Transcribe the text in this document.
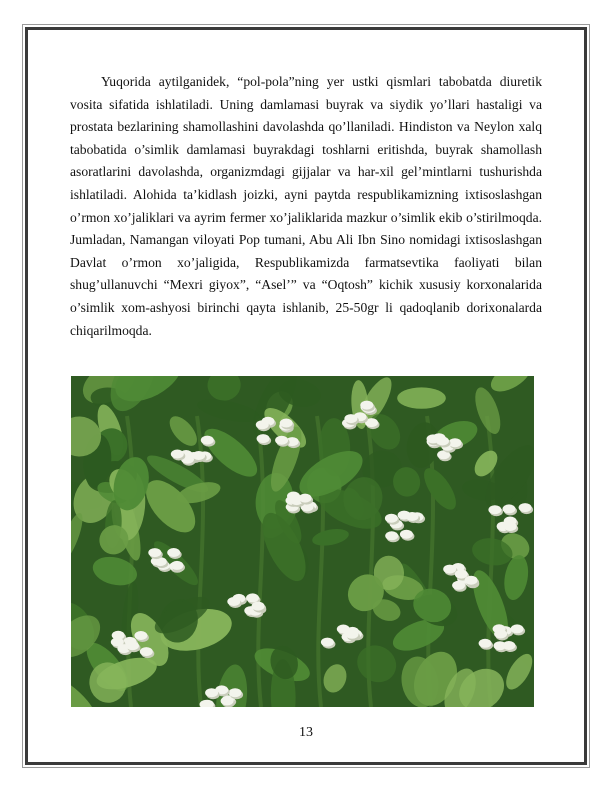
Yuqorida aytilganidek, “pol-pola”ning yer ustki qismlari tabobatda diuretik vosita sifatida ishlatiladi. Uning damlamasi buyrak va siydik yo’llari hastaligi va prostata bezlarining shamollashini davolashda qo’llaniladi. Hindiston va Neylon xalq tabobatida o’simlik damlamasi buyrakdagi toshlarni eritishda, buyrak shamollash asoratlarini davolashda, organizmdagi gijjalar va har-xil gel’mintlarni tushurishda ishlatiladi. Alohida ta’kidlash joizki, ayni paytda respublikamizning ixtisoslashgan o’rmon xo’jaliklari va ayrim fermer xo’jaliklarida mazkur o’simlik ekib o’stirilmoqda. Jumladan, Namangan viloyati Pop tumani, Abu Ali Ibn Sino nomidagi ixtisoslashgan Davlat o’rmon xo’jaligida, Respublikamizda farmatsevtika faoliyati bilan shug’ullanuvchi “Mexri giyox”, “Asel’” va “Oqtosh” kichik xususiy korxonalarida o’simlik xom-ashyosi birinchi qayta ishlanib, 25-50gr li qadoqlanib dorixonalarda chiqarilmoqda.

13
